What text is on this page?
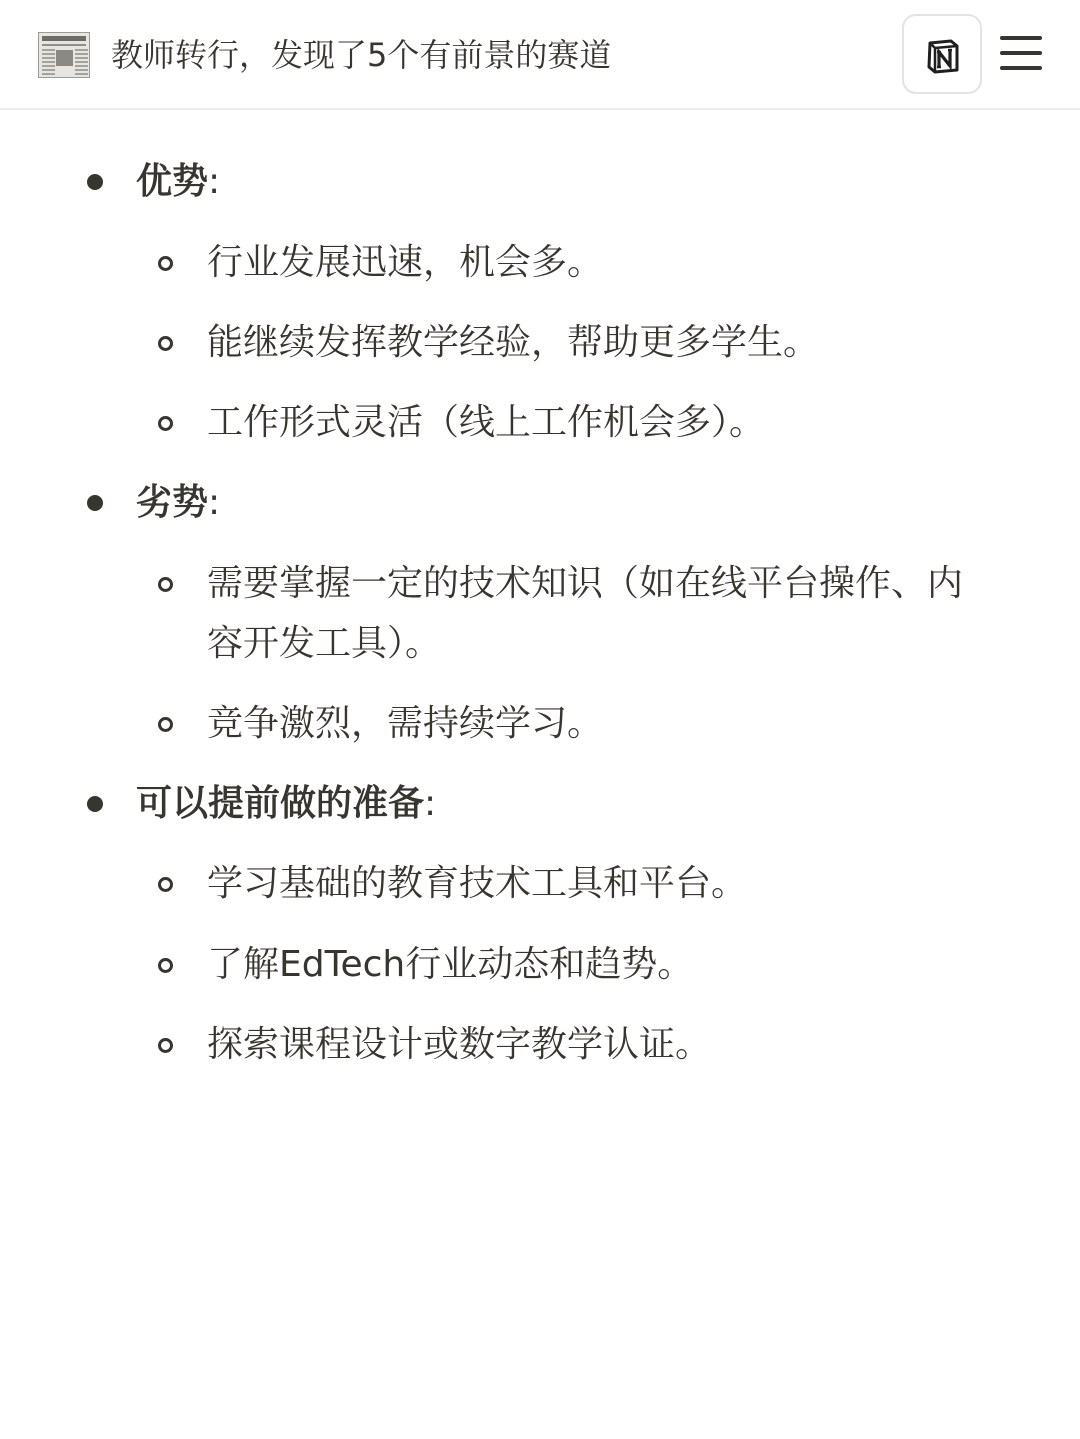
教师转行，发现了5个有前景的赛道
优势:
行业发展迅速，机会多。
能继续发挥教学经验，帮助更多学生。
工作形式灵活（线上工作机会多）。
劣势:
需要掌握一定的技术知识（如在线平台操作、内容开发工具）。
竞争激烈，需持续学习。
可以提前做的准备:
学习基础的教育技术工具和平台。
了解EdTech行业动态和趋势。
探索课程设计或数字教学认证。
